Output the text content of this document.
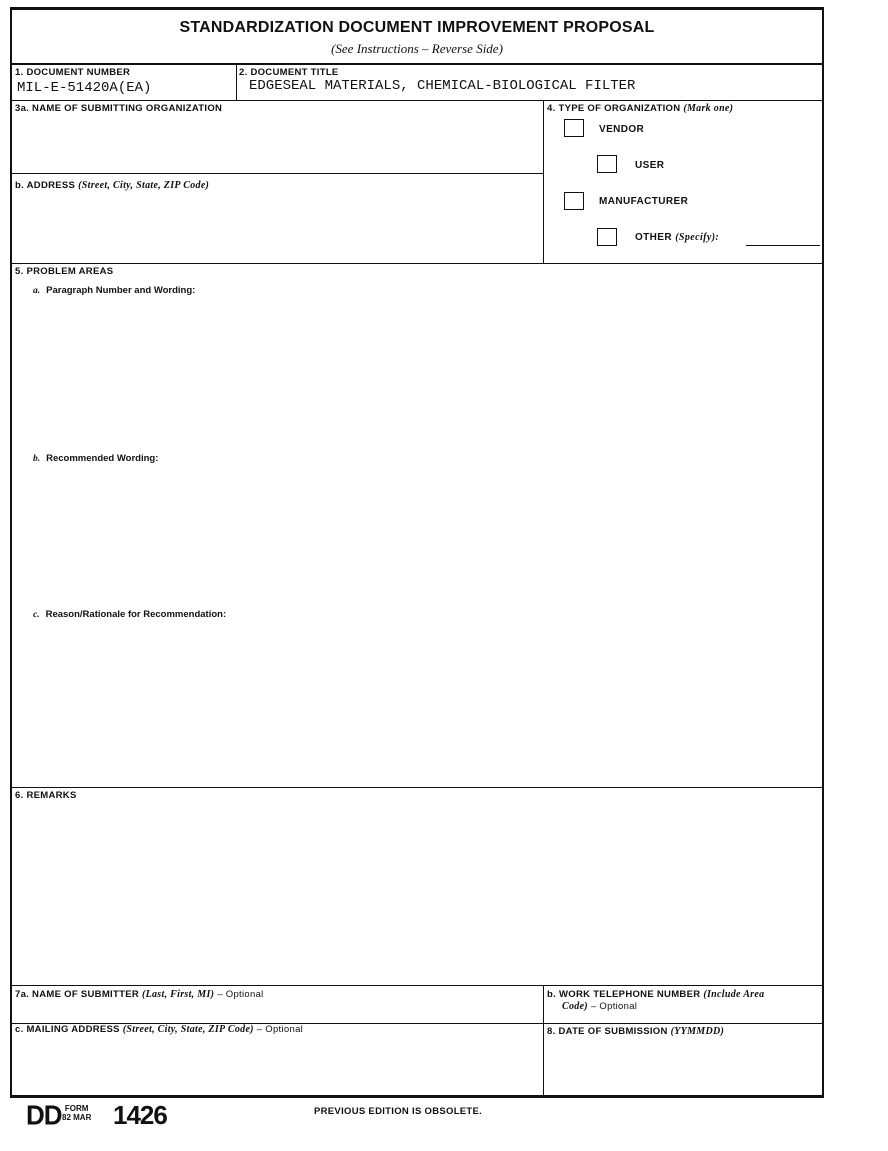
STANDARDIZATION DOCUMENT IMPROVEMENT PROPOSAL
(See Instructions – Reverse Side)
1. DOCUMENT NUMBER
MIL-E-51420A(EA)
2. DOCUMENT TITLE
EDGESEAL MATERIALS, CHEMICAL-BIOLOGICAL FILTER
3a. NAME OF SUBMITTING ORGANIZATION
b. ADDRESS (Street, City, State, ZIP Code)
4. TYPE OF ORGANIZATION (Mark one)
VENDOR
USER
MANUFACTURER
OTHER (Specify):
5. PROBLEM AREAS
a. Paragraph Number and Wording:
b. Recommended Wording:
c. Reason/Rationale for Recommendation:
6. REMARKS
7a. NAME OF SUBMITTER (Last, First, MI) – Optional	b. WORK TELEPHONE NUMBER (Include Area
Code) – Optional
c. MAILING ADDRESS (Street, City, State, ZIP Code) – Optional	8. DATE OF SUBMISSION (YYMMDD)
DD FORM
82 MAR 1426	PREVIOUS EDITION IS OBSOLETE.
